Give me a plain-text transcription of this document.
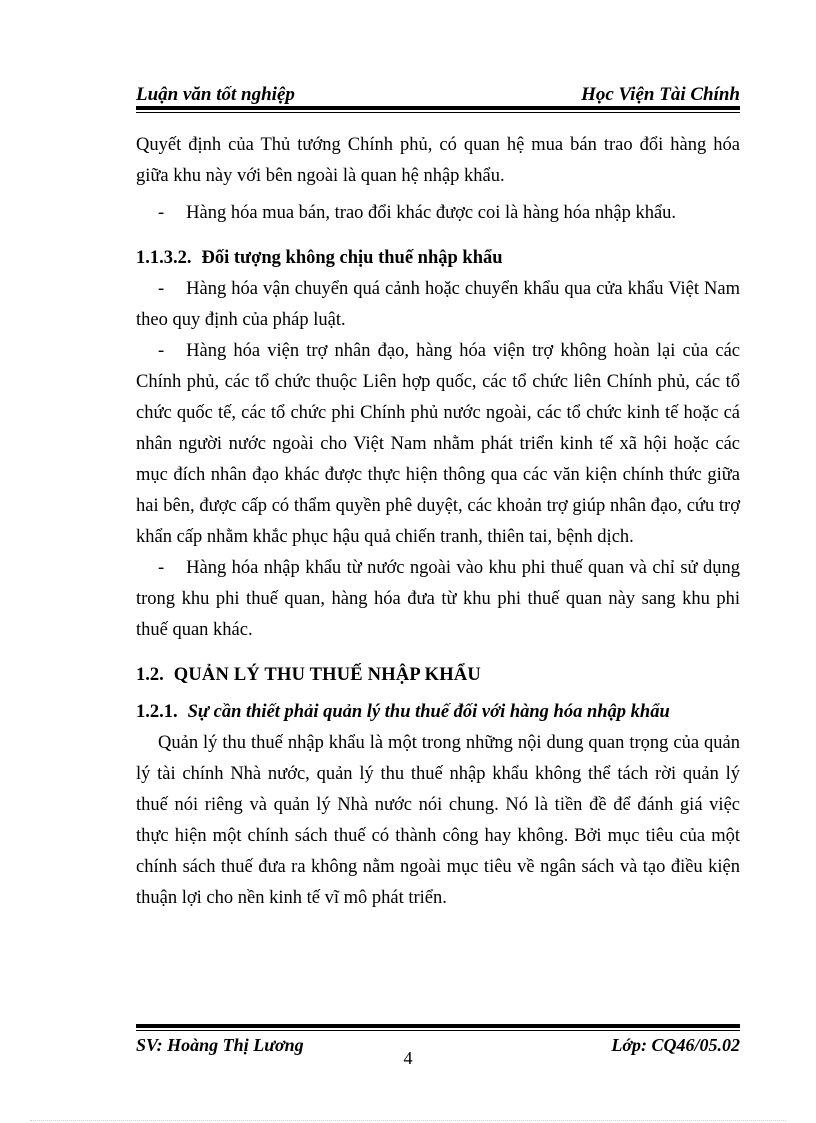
Luận văn tốt nghiệp	Học Viện Tài Chính

Quyết định của Thủ tướng Chính phủ, có quan hệ mua bán trao đổi hàng hóa giữa khu này với bên ngoài là quan hệ nhập khẩu.

- Hàng hóa mua bán, trao đổi khác được coi là hàng hóa nhập khẩu.

1.1.3.2. Đối tượng không chịu thuế nhập khẩu

- Hàng hóa vận chuyển quá cảnh hoặc chuyển khẩu qua cửa khẩu Việt Nam theo quy định của pháp luật.

- Hàng hóa viện trợ nhân đạo, hàng hóa viện trợ không hoàn lại của các Chính phủ, các tổ chức thuộc Liên hợp quốc, các tổ chức liên Chính phủ, các tổ chức quốc tế, các tổ chức phi Chính phủ nước ngoài, các tổ chức kinh tế hoặc cá nhân người nước ngoài cho Việt Nam nhằm phát triển kinh tế xã hội hoặc các mục đích nhân đạo khác được thực hiện thông qua các văn kiện chính thức giữa hai bên, được cấp có thẩm quyền phê duyệt, các khoản trợ giúp nhân đạo, cứu trợ khẩn cấp nhằm khắc phục hậu quả chiến tranh, thiên tai, bệnh dịch.

- Hàng hóa nhập khẩu từ nước ngoài vào khu phi thuế quan và chỉ sử dụng trong khu phi thuế quan, hàng hóa đưa từ khu phi thuế quan này sang khu phi thuế quan khác.

1.2. QUẢN LÝ THU THUẾ NHẬP KHẨU
1.2.1. Sự cần thiết phải quản lý thu thuế đối với hàng hóa nhập khẩu

Quản lý thu thuế nhập khẩu là một trong những nội dung quan trọng của quản lý tài chính Nhà nước, quản lý thu thuế nhập khẩu không thể tách rời quản lý thuế nói riêng và quản lý Nhà nước nói chung. Nó là tiền đề để đánh giá việc thực hiện một chính sách thuế có thành công hay không. Bởi mục tiêu của một chính sách thuế đưa ra không nằm ngoài mục tiêu về ngân sách và tạo điều kiện thuận lợi cho nền kinh tế vĩ mô phát triển.

SV: Hoàng Thị Lương	Lớp: CQ46/05.02
4
